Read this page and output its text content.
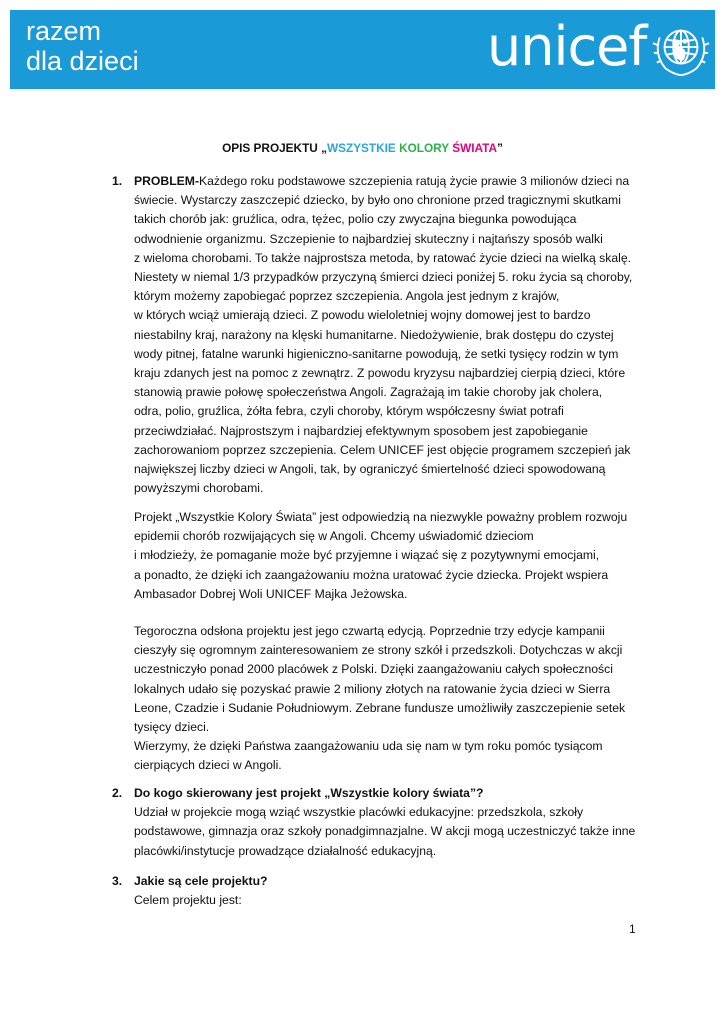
razem
dla dzieci	unicef
OPIS PROJEKTU „WSZYSTKIE KOLORY ŚWIATA”
1. PROBLEM-Każdego roku podstawowe szczepienia ratują życie prawie 3 milionów dzieci na

świecie. Wystarczy zaszczepić dziecko, by było ono chronione przed tragicznymi skutkami

takich chorób jak: gruźlica, odra, tężec, polio czy zwyczajna biegunka powodująca

odwodnienie organizmu. Szczepienie to najbardziej skuteczny i najtańszy sposób walki

z wieloma chorobami. To także najprostsza metoda, by ratować życie dzieci na wielką skalę.

Niestety w niemal 1/3 przypadków przyczyną śmierci dzieci poniżej 5. roku życia są choroby,

którym możemy zapobiegać poprzez szczepienia. Angola jest jednym z krajów,

w których wciąż umierają dzieci. Z powodu wieloletniej wojny domowej jest to bardzo

niestabilny kraj, narażony na klęski humanitarne. Niedożywienie, brak dostępu do czystej

wody pitnej, fatalne warunki higieniczno-sanitarne powodują, że setki tysięcy rodzin w tym

kraju zdanych jest na pomoc z zewnątrz. Z powodu kryzysu najbardziej cierpią dzieci, które

stanowią prawie połowę społeczeństwa Angoli. Zagrażają im takie choroby jak cholera,

odra, polio, gruźlica, żółta febra, czyli choroby, którym współczesny świat potrafi

przeciwdziałać. Najprostszym i najbardziej efektywnym sposobem jest zapobieganie

zachorowaniom poprzez szczepienia. Celem UNICEF jest objęcie programem szczepień jak

największej liczby dzieci w Angoli, tak, by ograniczyć śmiertelność dzieci spowodowaną

powyższymi chorobami.

Projekt „Wszystkie Kolory Świata” jest odpowiedzią na niezwykle poważny problem rozwoju

epidemii chorób rozwijających się w Angoli. Chcemy uświadomić dzieciom

i młodzieży, że pomaganie może być przyjemne i wiązać się z pozytywnymi emocjami,

a ponadto, że dzięki ich zaangażowaniu można uratować życie dziecka. Projekt wspiera

Ambasador Dobrej Woli UNICEF Majka Jeżowska.

Tegoroczna odsłona projektu jest jego czwartą edycją. Poprzednie trzy edycje kampanii

cieszyły się ogromnym zainteresowaniem ze strony szkół i przedszkoli. Dotychczas w akcji

uczestniczyło ponad 2000 placówek z Polski. Dzięki zaangażowaniu całych społeczności

lokalnych udało się pozyskać prawie 2 miliony złotych na ratowanie życia dzieci w Sierra

Leone, Czadzie i Sudanie Południowym. Zebrane fundusze umożliwiły zaszczepienie setek

tysięcy dzieci.

Wierzymy, że dzięki Państwa zaangażowaniu uda się nam w tym roku pomóc tysiącom

cierpiących dzieci w Angoli.

2. Do kogo skierowany jest projekt „Wszystkie kolory świata”?

Udział w projekcie mogą wziąć wszystkie placówki edukacyjne: przedszkola, szkoły

podstawowe, gimnazja oraz szkoły ponadgimnazjalne. W akcji mogą uczestniczyć także inne

placówki/instytucje prowadzące działalność edukacyjną.

3. Jakie są cele projektu?

Celem projektu jest:

1
